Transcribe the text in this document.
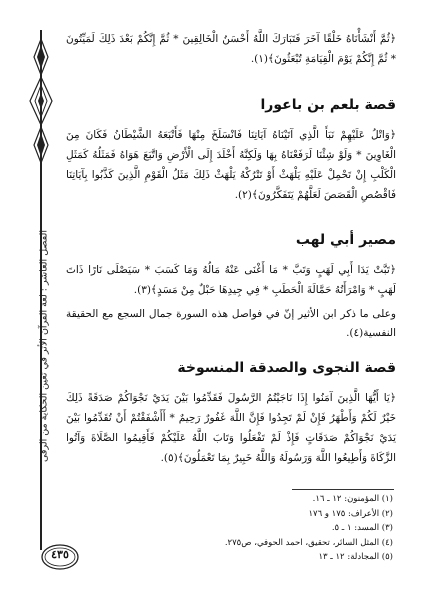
الفصل العاشر : لغة القرآن الأثر في تعين الحكاية من الرقى
﴿ثُمَّ أَنْشَأْنَاهُ خَلْقًا آخَرَ فَتَبَارَكَ اللَّهُ أَحْسَنُ الْخَالِقِينَ * ثُمَّ إِنَّكُمْ بَعْدَ ذَلِكَ لَمَيِّتُونَ * ثُمَّ إِنَّكُمْ يَوْمَ الْقِيَامَةِ تُبْعَثُونَ﴾(١).
قصة بلعم بن باعورا
﴿وَاتْلُ عَلَيْهِمْ نَبَأَ الَّذِي آتَيْنَاهُ آيَاتِنَا فَانْسَلَخَ مِنْهَا فَأَتْبَعَهُ الشَّيْطَانُ فَكَانَ مِنَ الْغَاوِينَ * وَلَوْ شِئْنَا لَرَفَعْنَاهُ بِهَا وَلَكِنَّهُ أَخْلَدَ إِلَى الْأَرْضِ وَاتَّبَعَ هَوَاهُ فَمَثَلُهُ كَمَثَلِ الْكَلْبِ إِنْ تَحْمِلْ عَلَيْهِ يَلْهَثْ أَوْ تَتْرُكْهُ يَلْهَثْ ذَلِكَ مَثَلُ الْقَوْمِ الَّذِينَ كَذَّبُوا بِآيَاتِنَا فَاقْصُصِ الْقَصَصَ لَعَلَّهُمْ يَتَفَكَّرُونَ﴾(٢).
مصير أبي لهب
﴿تَبَّتْ يَدَا أَبِي لَهَبٍ وَتَبَّ * مَا أَغْنَى عَنْهُ مَالُهُ وَمَا كَسَبَ * سَيَصْلَى نَارًا ذَاتَ لَهَبٍ * وَامْرَأَتُهُ حَمَّالَةَ الْحَطَبِ * فِي جِيدِهَا حَبْلٌ مِنْ مَسَدٍ﴾(٣).
وعلى ما ذكر ابن الأثير إنّ في فواصل هذه السورة جمال السجع مع الحقيقة النفسية(٤).
قصة النجوى والصدقة المنسوخة
﴿يَا أَيُّهَا الَّذِينَ آمَنُوا إِذَا نَاجَيْتُمُ الرَّسُولَ فَقَدِّمُوا بَيْنَ يَدَيْ نَجْوَاكُمْ صَدَقَةً ذَلِكَ خَيْرٌ لَكُمْ وَأَطْهَرُ فَإِنْ لَمْ تَجِدُوا فَإِنَّ اللَّهَ غَفُورٌ رَحِيمٌ * أَأَشْفَقْتُمْ أَنْ تُقَدِّمُوا بَيْنَ يَدَيْ نَجْوَاكُمْ صَدَقَاتٍ فَإِذْ لَمْ تَفْعَلُوا وَتَابَ اللَّهُ عَلَيْكُمْ فَأَقِيمُوا الصَّلَاةَ وَآتُوا الزَّكَاةَ وَأَطِيعُوا اللَّهَ وَرَسُولَهُ وَاللَّهُ خَبِيرٌ بِمَا تَعْمَلُونَ﴾(٥).
(١) المؤمنون: ١٢ ـ ١٦.
(٢) الأعراف: ١٧٥ و ١٧٦
(٣) المسد: ١ ـ ٥.
(٤) المثل السائر، تحقيق، احمد الحوفي، ص٢٧٥.
(٥) المجادلة: ١٢ ـ ١٣
٤٣٥
